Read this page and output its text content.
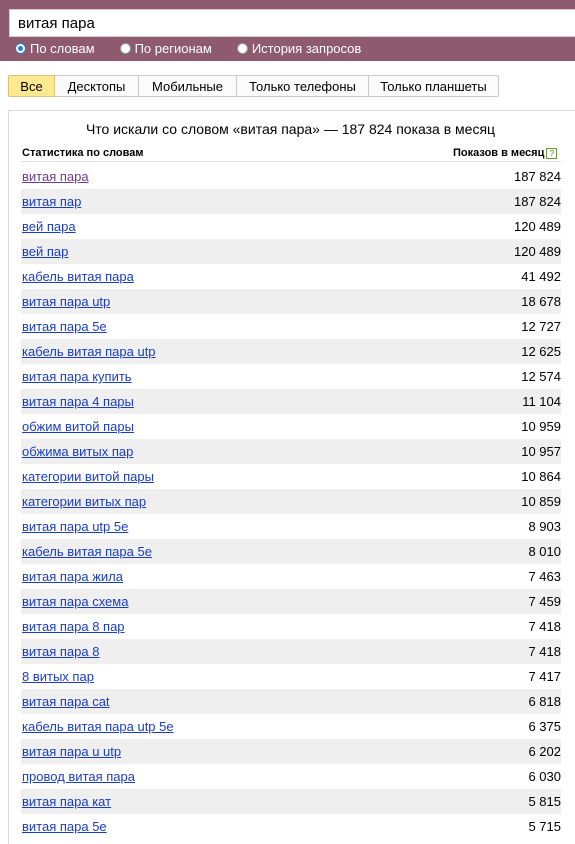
витая пара
По словам	По регионам	История запросов
Все	Десктопы	Мобильные	Только телефоны	Только планшеты
Что искали со словом «витая пара» — 187 824 показа в месяц
Статистика по словам	Показов в месяц ?
витая пара	187 824
витая пар	187 824
вей пара	120 489
вей пар	120 489
кабель витая пара	41 492
витая пара utp	18 678
витая пара 5е	12 727
кабель витая пара utp	12 625
витая пара купить	12 574
витая пара 4 пары	11 104
обжим витой пары	10 959
обжима витых пар	10 957
категории витой пары	10 864
категории витых пар	10 859
витая пара utp 5e	8 903
кабель витая пара 5е	8 010
витая пара жила	7 463
витая пара схема	7 459
витая пара 8 пар	7 418
витая пара 8	7 418
8 витых пар	7 417
витая пара cat	6 818
кабель витая пара utp 5e	6 375
витая пара u utp	6 202
провод витая пара	6 030
витая пара кат	5 815
витая пара 5e	5 715
